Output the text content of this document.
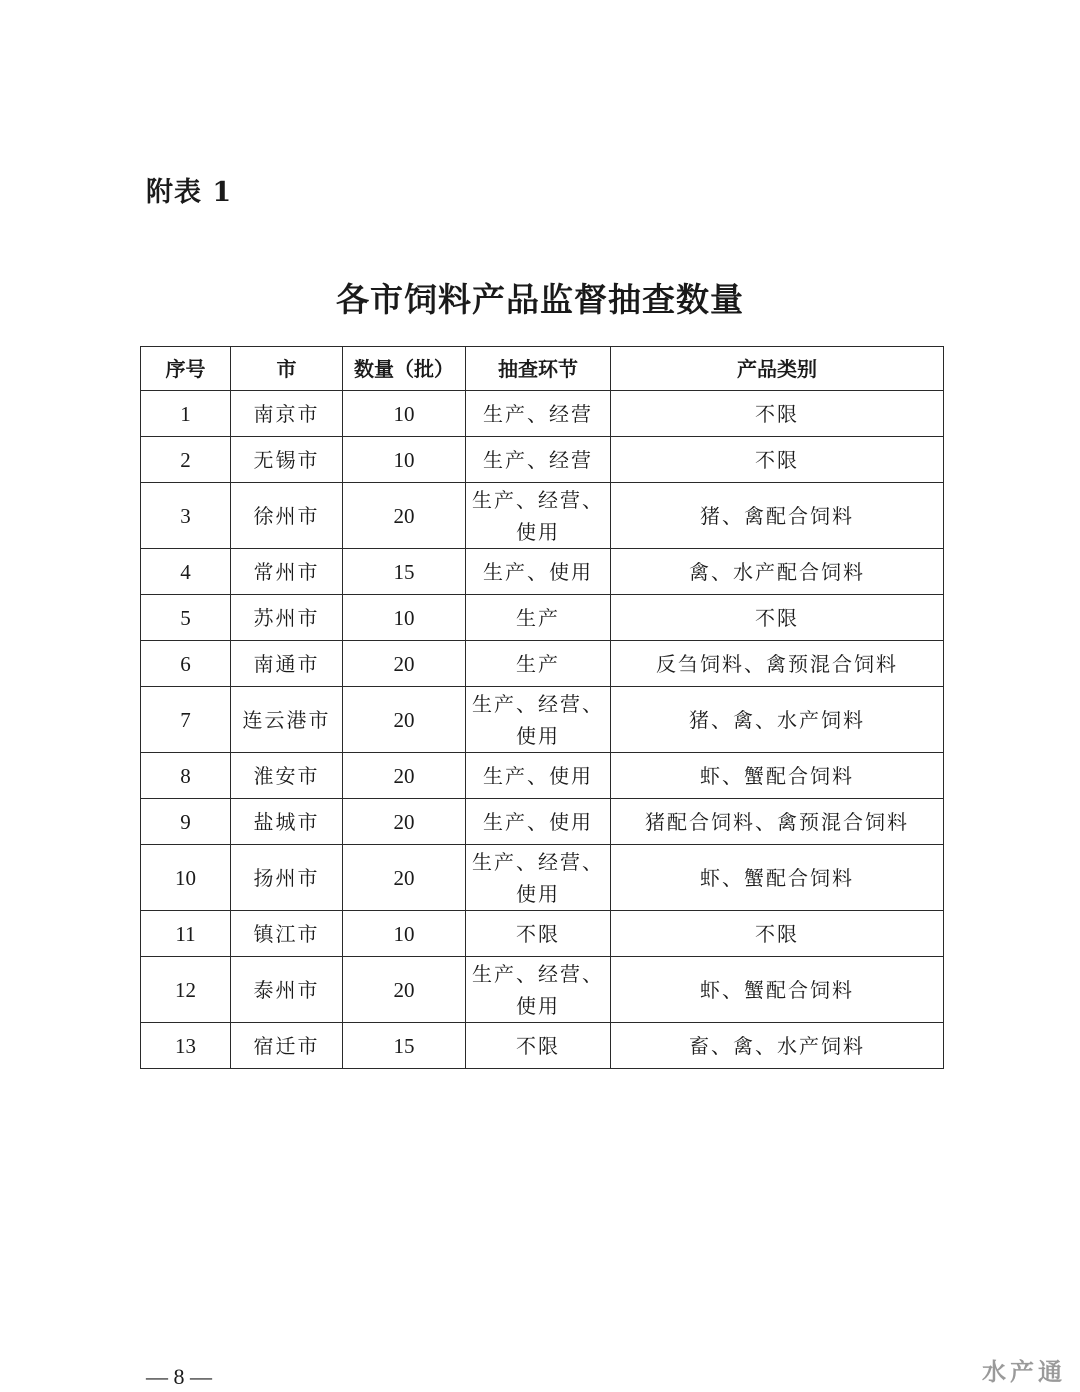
附表 1
各市饲料产品监督抽查数量
序号	市	数量（批）	抽查环节	产品类别
1	南京市	10	生产、经营	不限
2	无锡市	10	生产、经营	不限
3	徐州市	20	生产、经营、使用	猪、禽配合饲料
4	常州市	15	生产、使用	禽、水产配合饲料
5	苏州市	10	生产	不限
6	南通市	20	生产	反刍饲料、禽预混合饲料
7	连云港市	20	生产、经营、使用	猪、禽、水产饲料
8	淮安市	20	生产、使用	虾、蟹配合饲料
9	盐城市	20	生产、使用	猪配合饲料、禽预混合饲料
10	扬州市	20	生产、经营、使用	虾、蟹配合饲料
11	镇江市	10	不限	不限
12	泰州市	20	生产、经营、使用	虾、蟹配合饲料
13	宿迁市	15	不限	畜、禽、水产饲料
— 8 —	水产通
